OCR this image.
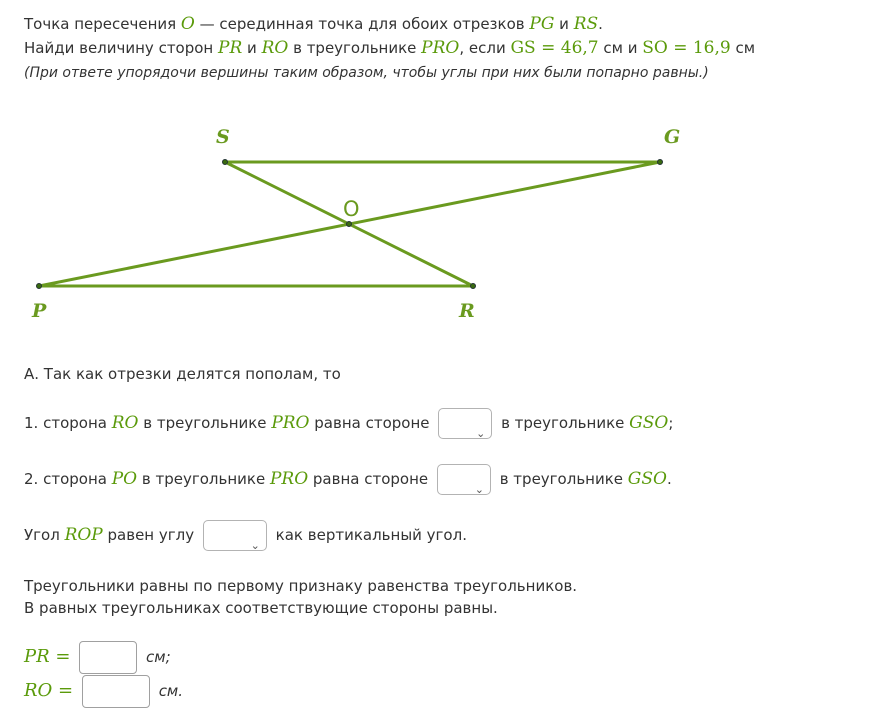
Точка пересечения O — серединная точка для обоих отрезков PG и RS.
Найди величину сторон PR и RO в треугольнике PRO, если GS = 46,7 см и SO = 16,9 см
(При ответе упорядочи вершины таким образом, чтобы углы при них были попарно равны.)
S	G
O
P	R
А. Так как отрезки делятся пополам, то
1. сторона RO в треугольнике PRO равна стороне
⌄
в треугольнике GSO;
2. сторона PO в треугольнике PRO равна стороне
⌄
в треугольнике GSO.
Угол ROP равен углу
⌄
как вертикальный угол.
Треугольники равны по первому признаку равенства треугольников.
В равных треугольниках соответствующие стороны равны.
PR =	см;
RO =	см.
